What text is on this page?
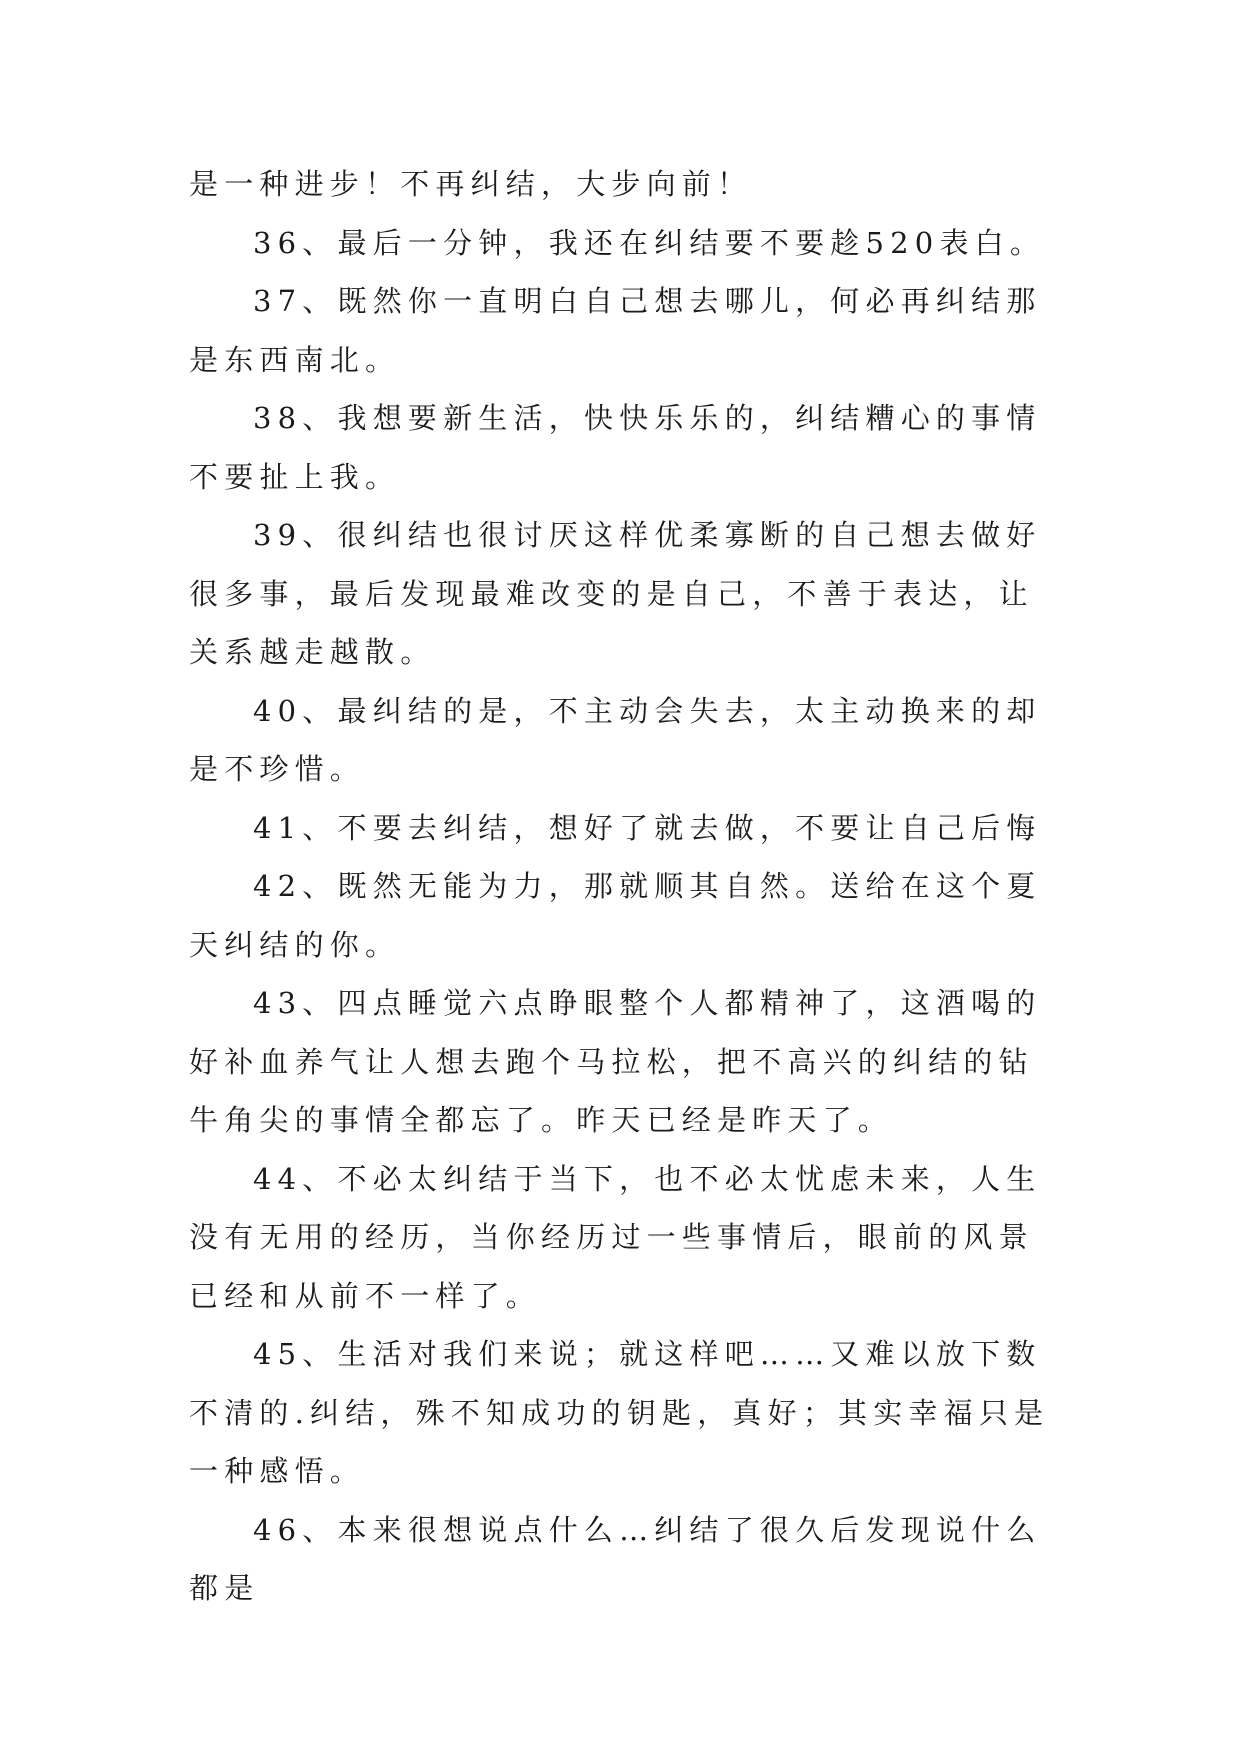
是一种进步！不再纠结，大步向前！

36、最后一分钟，我还在纠结要不要趁520表白。

37、既然你一直明白自己想去哪儿，何必再纠结那是东西南北。

38、我想要新生活，快快乐乐的，纠结糟心的事情不要扯上我。

39、很纠结也很讨厌这样优柔寡断的自己想去做好很多事，最后发现最难改变的是自己，不善于表达，让关系越走越散。

40、最纠结的是，不主动会失去，太主动换来的却是不珍惜。

41、不要去纠结，想好了就去做，不要让自己后悔

42、既然无能为力，那就顺其自然。送给在这个夏天纠结的你。

43、四点睡觉六点睁眼整个人都精神了，这酒喝的好补血养气让人想去跑个马拉松，把不高兴的纠结的钻牛角尖的事情全都忘了。昨天已经是昨天了。

44、不必太纠结于当下，也不必太忧虑未来，人生没有无用的经历，当你经历过一些事情后，眼前的风景已经和从前不一样了。

45、生活对我们来说；就这样吧……又难以放下数不清的.纠结，殊不知成功的钥匙，真好；其实幸福只是一种感悟。

46、本来很想说点什么…纠结了很久后发现说什么都是
